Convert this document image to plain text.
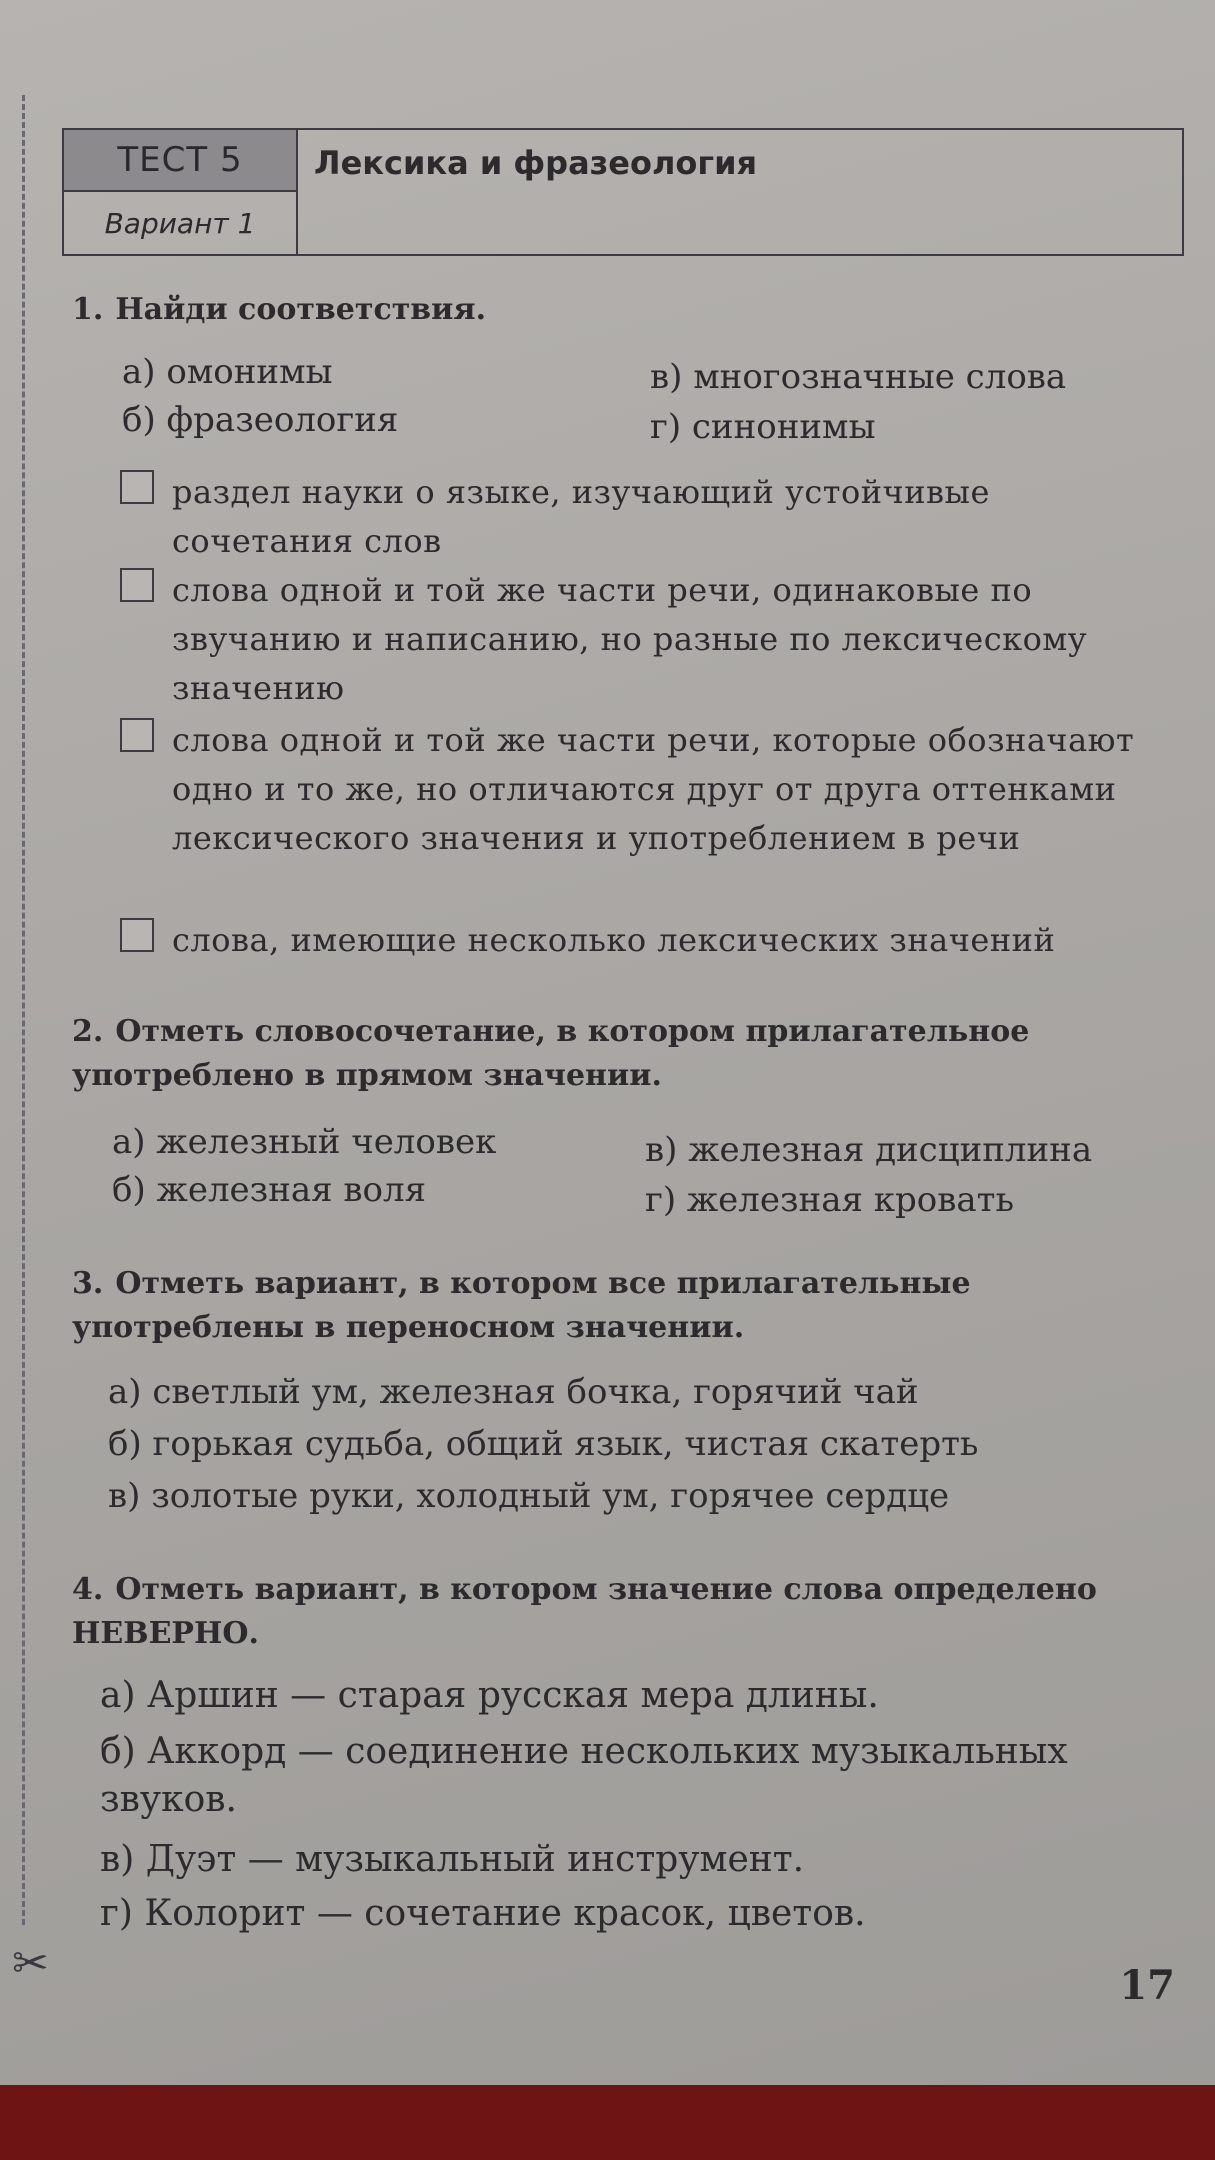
✂
ТЕСТ 5
Вариант 1
Лексика и фразеология
1. Найди соответствия.
а) омонимы
б) фразеология
в) многозначные слова
г) синонимы
раздел науки о языке, изучающий устойчивые сочетания слов
слова одной и той же части речи, одинаковые по звучанию и написанию, но разные по лексическому значению
слова одной и той же части речи, которые обозначают одно и то же, но отличаются друг от друга оттенками лексического значения и употреблением в речи
слова, имеющие несколько лексических значений
2. Отметь словосочетание, в котором прилагательное употреблено в прямом значении.
а) железный человек
б) железная воля
в) железная дисциплина
г) железная кровать
3. Отметь вариант, в котором все прилагательные употреблены в переносном значении.
а) светлый ум, железная бочка, горячий чай
б) горькая судьба, общий язык, чистая скатерть
в) золотые руки, холодный ум, горячее сердце
4. Отметь вариант, в котором значение слова определено НЕВЕРНО.
а) Аршин — старая русская мера длины.
б) Аккорд — соединение нескольких музыкальных звуков.
в) Дуэт — музыкальный инструмент.
г) Колорит — сочетание красок, цветов.
17
